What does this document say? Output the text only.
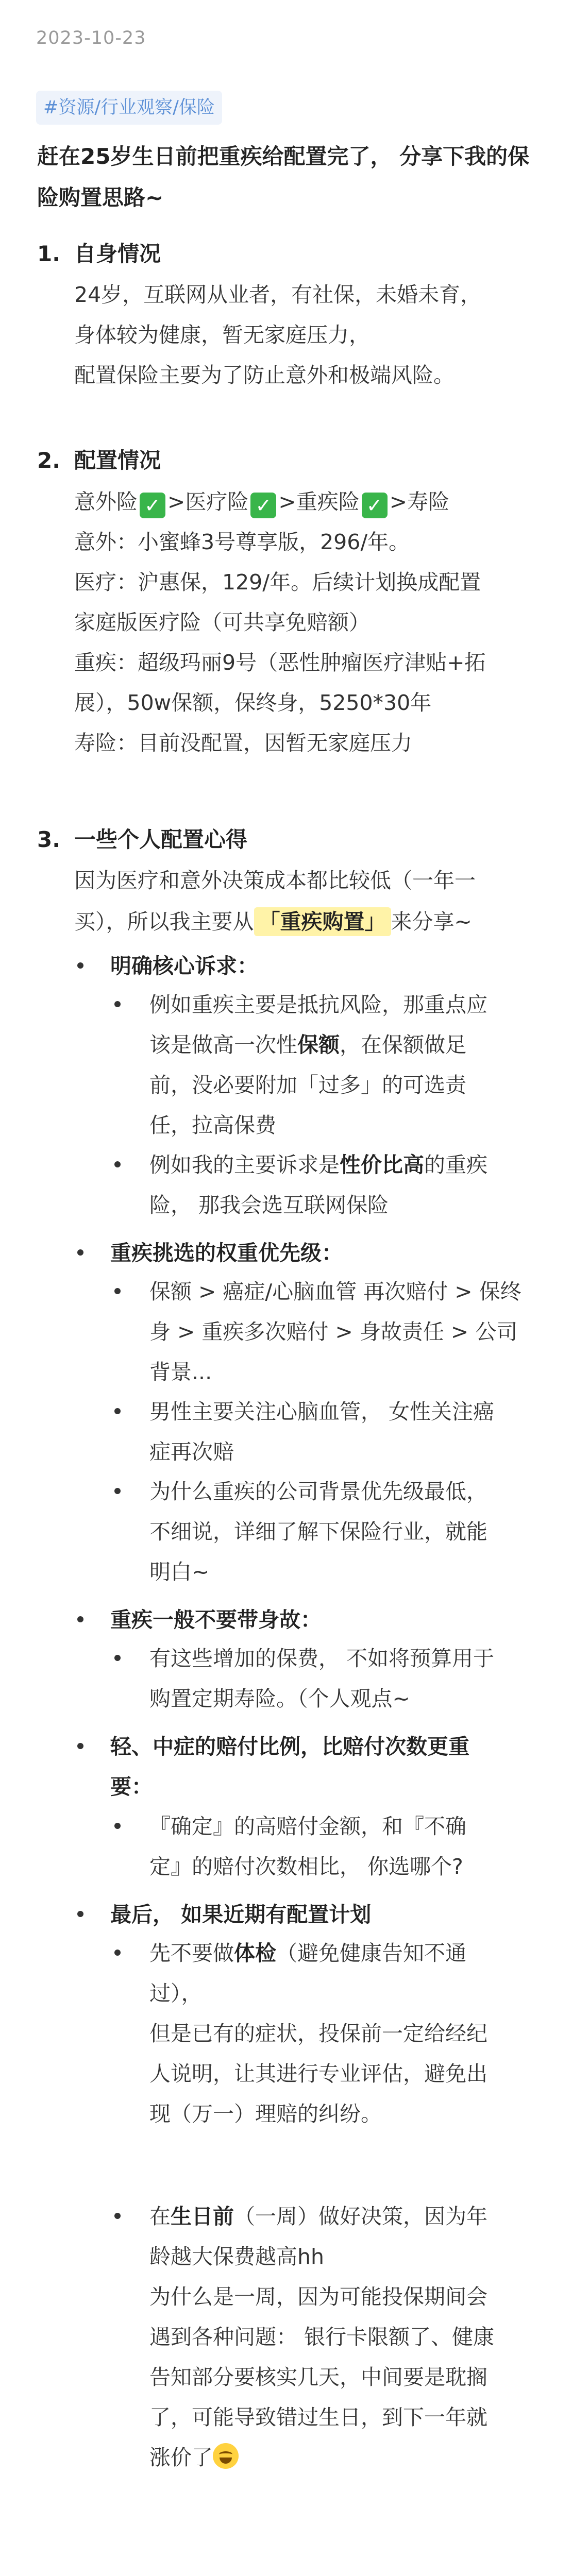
2023-10-23
#资源/行业观察/保险
赶在25岁生日前把重疾给配置完了， 分享下我的保险购置思路~
1. 自身情况
24岁，互联网从业者，有社保，未婚未育，
身体较为健康，暂无家庭压力，
配置保险主要为了防止意外和极端风险。
2. 配置情况
意外险 ✓ >医疗险 ✓ >重疾险 ✓ >寿险
意外：小蜜蜂3号尊享版，296/年。
医疗：沪惠保，129/年。后续计划换成配置
家庭版医疗险（可共享免赔额）
重疾：超级玛丽9号（恶性肿瘤医疗津贴+拓
展），50w保额，保终身，5250*30年
寿险：目前没配置，因暂无家庭压力
3. 一些个人配置心得
因为医疗和意外决策成本都比较低（一年一
买），所以我主要从 「重疾购置」 来分享~
明确核心诉求：
例如重疾主要是抵抗风险，那重点应
该是做高一次性保额，在保额做足
前，没必要附加「过多」的可选责
任，拉高保费
例如我的主要诉求是性价比高的重疾
险， 那我会选互联网保险
重疾挑选的权重优先级：
保额 > 癌症/心脑血管 再次赔付 > 保终
身 > 重疾多次赔付 > 身故责任 > 公司
背景...
男性主要关注心脑血管， 女性关注癌
症再次赔
为什么重疾的公司背景优先级最低，
不细说，详细了解下保险行业，就能
明白~
重疾一般不要带身故：
有这些增加的保费， 不如将预算用于
购置定期寿险。（个人观点~
轻、中症的赔付比例，比赔付次数更重
要：
『确定』的高赔付金额，和『不确
定』的赔付次数相比， 你选哪个?
最后， 如果近期有配置计划
先不要做体检（避免健康告知不通
过），
但是已有的症状，投保前一定给经纪
人说明，让其进行专业评估，避免出
现（万一）理赔的纠纷。
在生日前（一周）做好决策，因为年
龄越大保费越高hh
为什么是一周，因为可能投保期间会
遇到各种问题： 银行卡限额了、健康
告知部分要核实几天，中间要是耽搁
了，可能导致错过生日，到下一年就
涨价了
